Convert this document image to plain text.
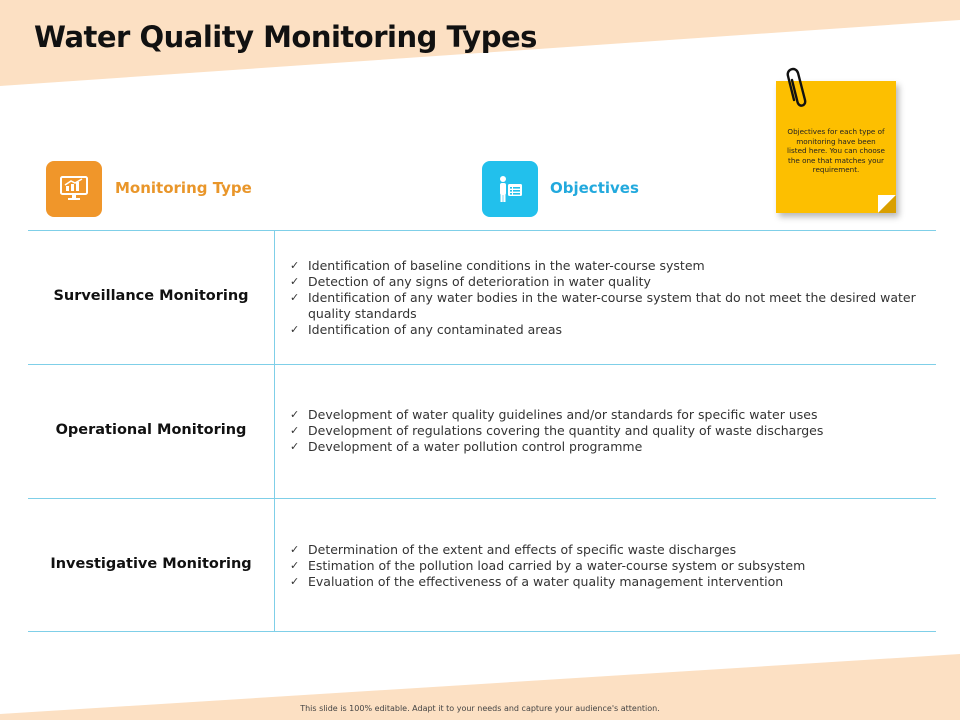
Water Quality Monitoring Types
Monitoring Type	Objectives

Objectives for each type of monitoring have been listed here. You can choose the one that matches your requirement.

Surveillance Monitoring
✓ Identification of baseline conditions in the water-course system
✓ Detection of any signs of deterioration in water quality
✓ Identification of any water bodies in the water-course system that do not meet the desired water quality standards
✓ Identification of any contaminated areas
Operational Monitoring
✓ Development of water quality guidelines and/or standards for specific water uses
✓ Development of regulations covering the quantity and quality of waste discharges
✓ Development of a water pollution control programme
Investigative Monitoring
✓ Determination of the extent and effects of specific waste discharges
✓ Estimation of the pollution load carried by a water-course system or subsystem
✓ Evaluation of the effectiveness of a water quality management intervention
This slide is 100% editable. Adapt it to your needs and capture your audience's attention.
